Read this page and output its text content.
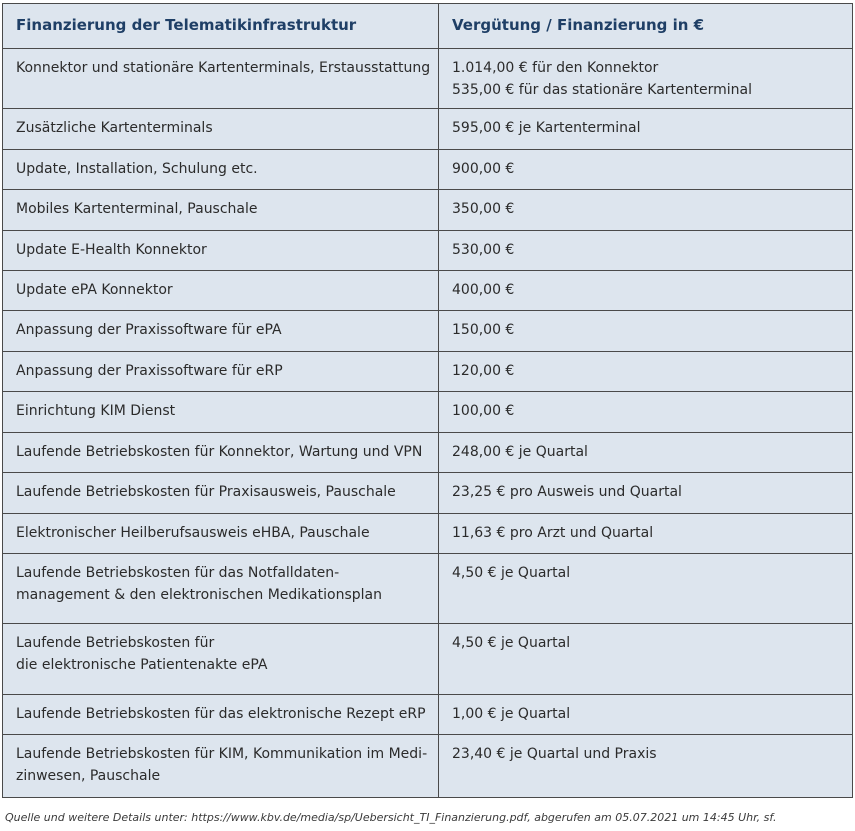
Finanzierung der Telematikinfrastruktur	Vergütung / Finanzierung in €

Konnektor und stationäre Kartenterminals, Erstausstattung	1.014,00 € für den Konnektor
535,00 € für das stationäre Kartenterminal

Zusätzliche Kartenterminals	595,00 € je Kartenterminal

Update, Installation, Schulung etc.	900,00 €

Mobiles Kartenterminal, Pauschale	350,00 €

Update E-Health Konnektor	530,00 €

Update ePA Konnektor	400,00 €

Anpassung der Praxissoftware für ePA	150,00 €

Anpassung der Praxissoftware für eRP	120,00 €

Einrichtung KIM Dienst	100,00 €

Laufende Betriebskosten für Konnektor, Wartung und VPN	248,00 € je Quartal

Laufende Betriebskosten für Praxisausweis, Pauschale	23,25 € pro Ausweis und Quartal

Elektronischer Heilberufsausweis eHBA, Pauschale	11,63 € pro Arzt und Quartal

Laufende Betriebskosten für das Notfalldaten-
management & den elektronischen Medikationsplan	4,50 € je Quartal

Laufende Betriebskosten für
die elektronische Patientenakte ePA	4,50 € je Quartal

Laufende Betriebskosten für das elektronische Rezept eRP	1,00 € je Quartal

Laufende Betriebskosten für KIM, Kommunikation im Medi-
zinwesen, Pauschale	23,40 € je Quartal und Praxis
Quelle und weitere Details unter: https://www.kbv.de/media/sp/Uebersicht_TI_Finanzierung.pdf, abgerufen am 05.07.2021 um 14:45 Uhr, sf.
